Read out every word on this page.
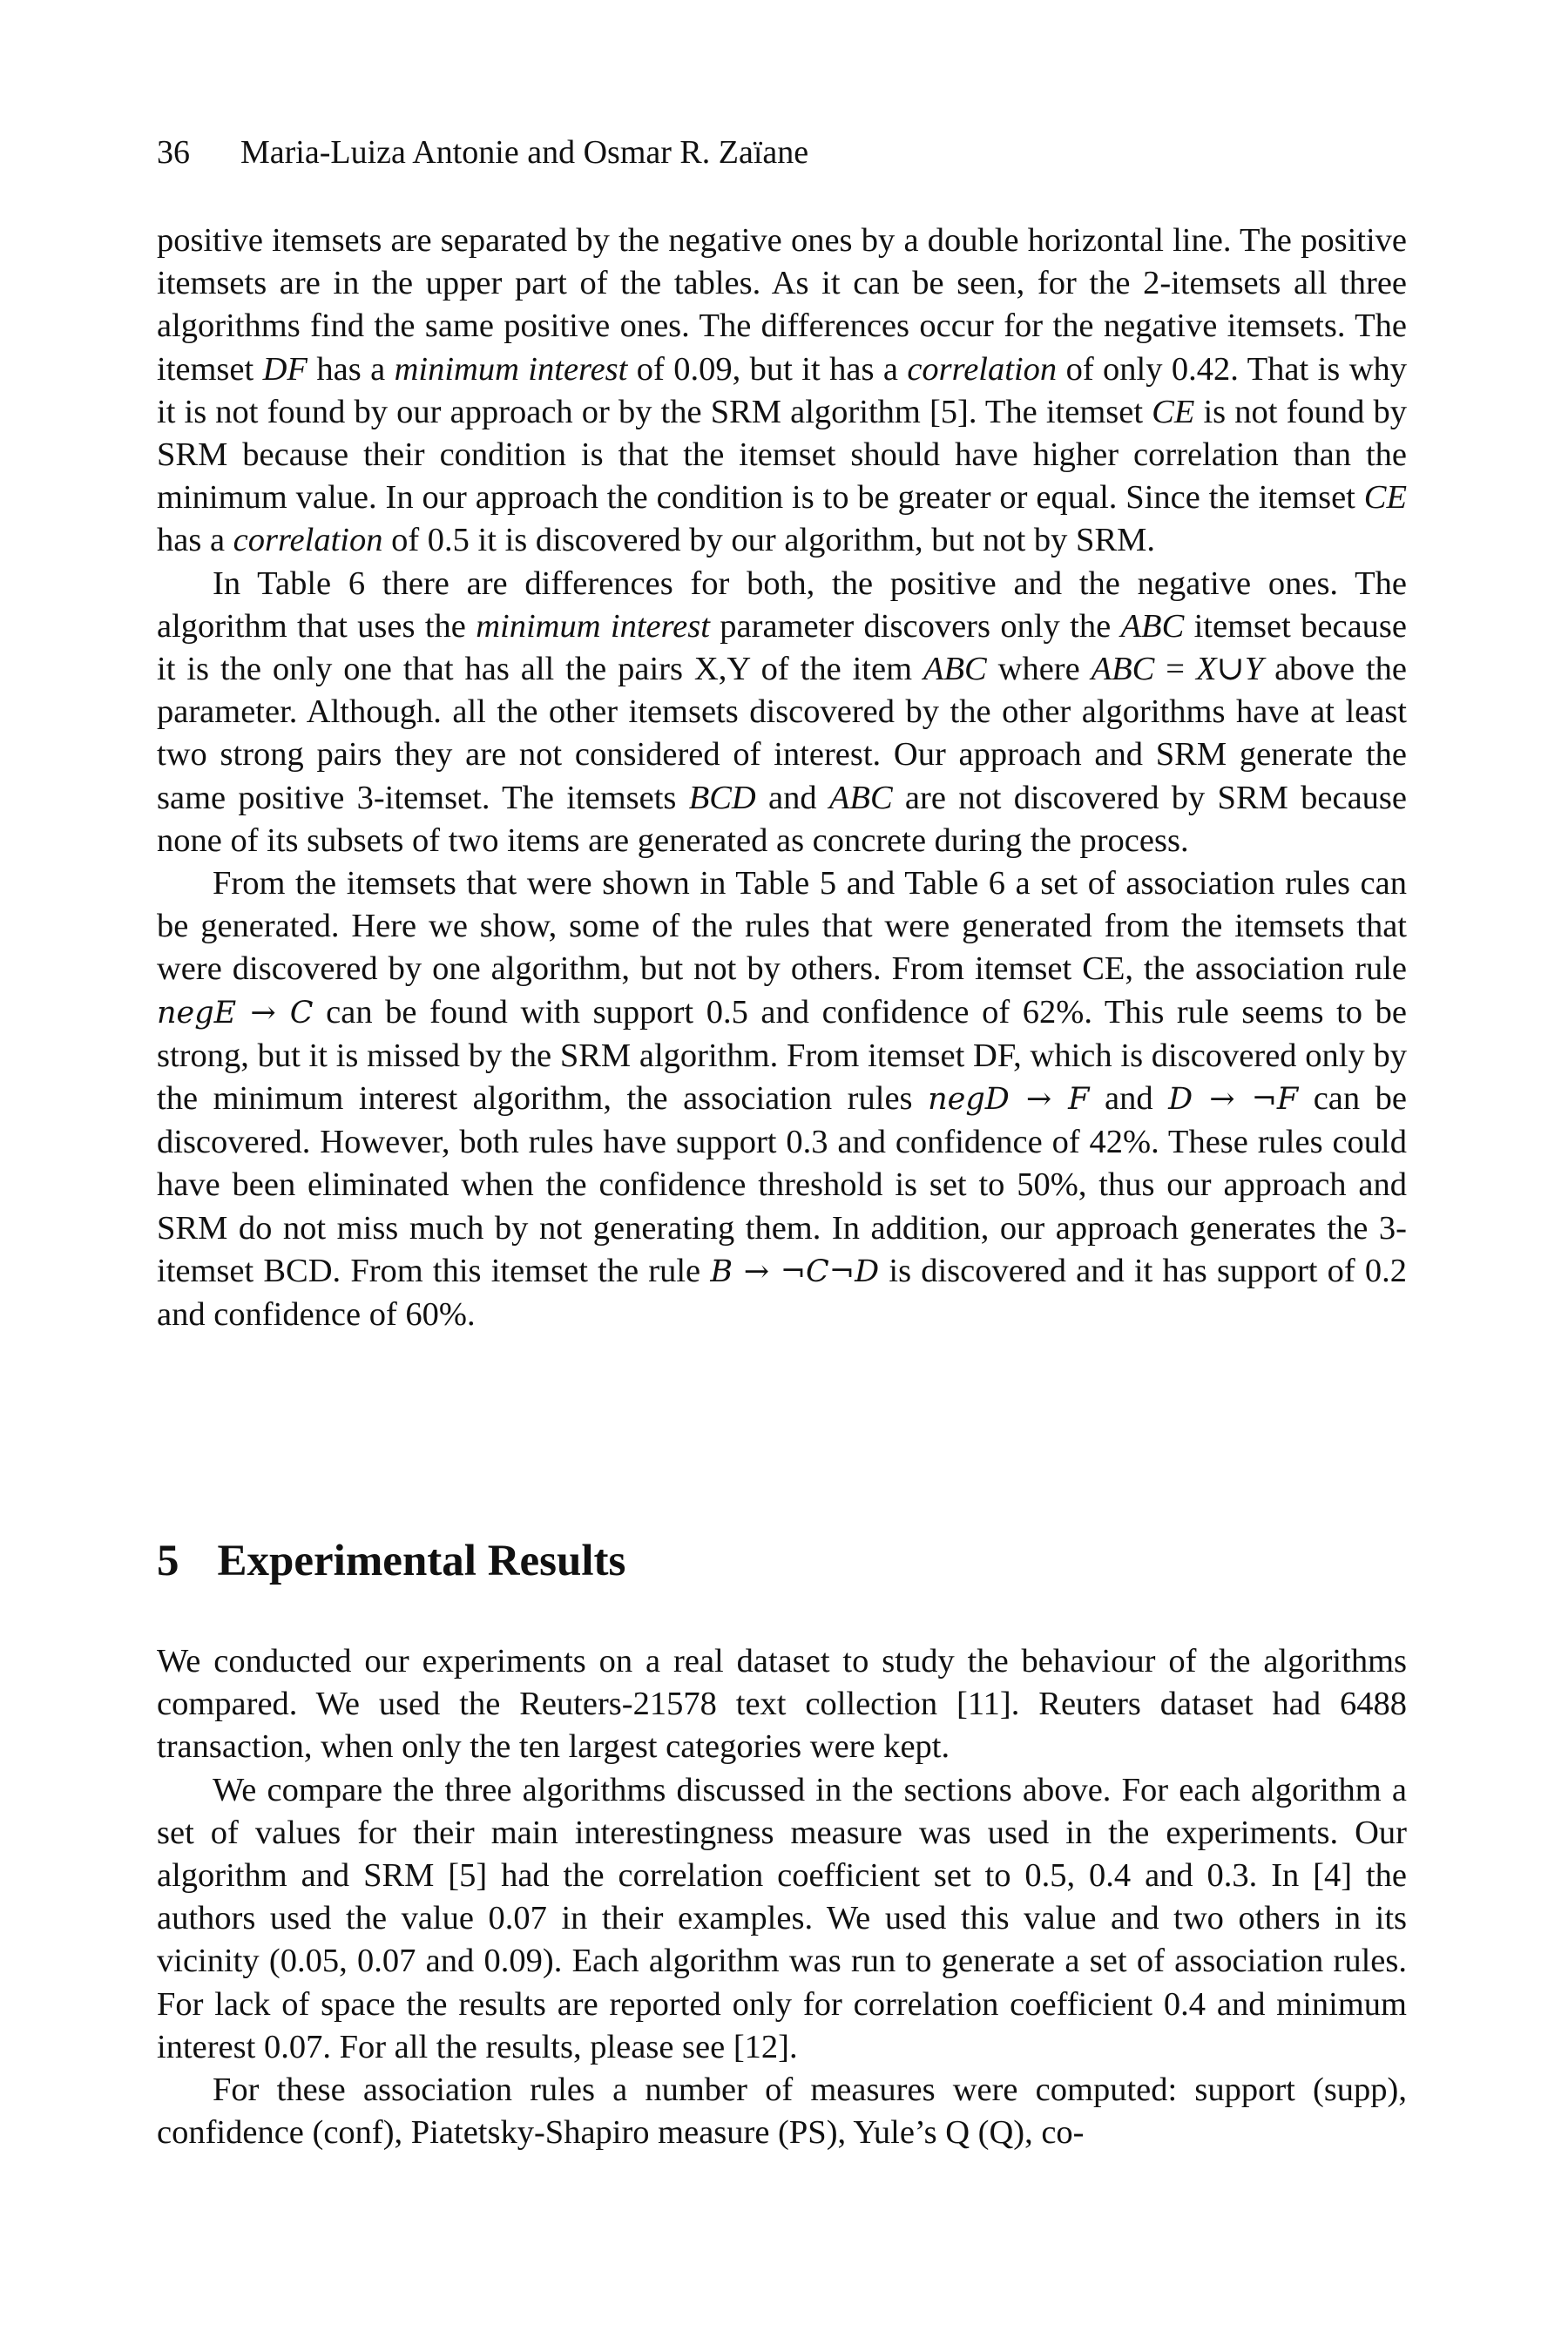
36 Maria-Luiza Antonie and Osmar R. Zaïane

positive itemsets are separated by the negative ones by a double horizontal line. The positive itemsets are in the upper part of the tables. As it can be seen, for the 2-itemsets all three algorithms find the same positive ones. The differences occur for the negative itemsets. The itemset DF has a minimum interest of 0.09, but it has a correlation of only 0.42. That is why it is not found by our approach or by the SRM algorithm [5]. The itemset CE is not found by SRM because their condition is that the itemset should have higher correlation than the minimum value. In our approach the condition is to be greater or equal. Since the itemset CE has a correlation of 0.5 it is discovered by our algorithm, but not by SRM.

In Table 6 there are differences for both, the positive and the negative ones. The algorithm that uses the minimum interest parameter discovers only the ABC itemset because it is the only one that has all the pairs X,Y of the item ABC where ABC = X∪Y above the parameter. Although. all the other itemsets discovered by the other algorithms have at least two strong pairs they are not considered of interest. Our approach and SRM generate the same positive 3-itemset. The itemsets BCD and ABC are not discovered by SRM because none of its subsets of two items are generated as concrete during the process.

From the itemsets that were shown in Table 5 and Table 6 a set of association rules can be generated. Here we show, some of the rules that were generated from the itemsets that were discovered by one algorithm, but not by others. From itemset CE, the association rule negE → C can be found with support 0.5 and confidence of 62%. This rule seems to be strong, but it is missed by the SRM algorithm. From itemset DF, which is discovered only by the minimum interest algorithm, the association rules negD → F and D → ¬F can be discovered. However, both rules have support 0.3 and confidence of 42%. These rules could have been eliminated when the confidence threshold is set to 50%, thus our approach and SRM do not miss much by not generating them. In addition, our approach generates the 3-itemset BCD. From this itemset the rule B → ¬C¬D is discovered and it has support of 0.2 and confidence of 60%.

5 Experimental Results

We conducted our experiments on a real dataset to study the behaviour of the algorithms compared. We used the Reuters-21578 text collection [11]. Reuters dataset had 6488 transaction, when only the ten largest categories were kept.

We compare the three algorithms discussed in the sections above. For each algorithm a set of values for their main interestingness measure was used in the experiments. Our algorithm and SRM [5] had the correlation coefficient set to 0.5, 0.4 and 0.3. In [4] the authors used the value 0.07 in their examples. We used this value and two others in its vicinity (0.05, 0.07 and 0.09). Each algorithm was run to generate a set of association rules. For lack of space the results are reported only for correlation coefficient 0.4 and minimum interest 0.07. For all the results, please see [12].

For these association rules a number of measures were computed: support (supp), confidence (conf), Piatetsky-Shapiro measure (PS), Yule’s Q (Q), co-
